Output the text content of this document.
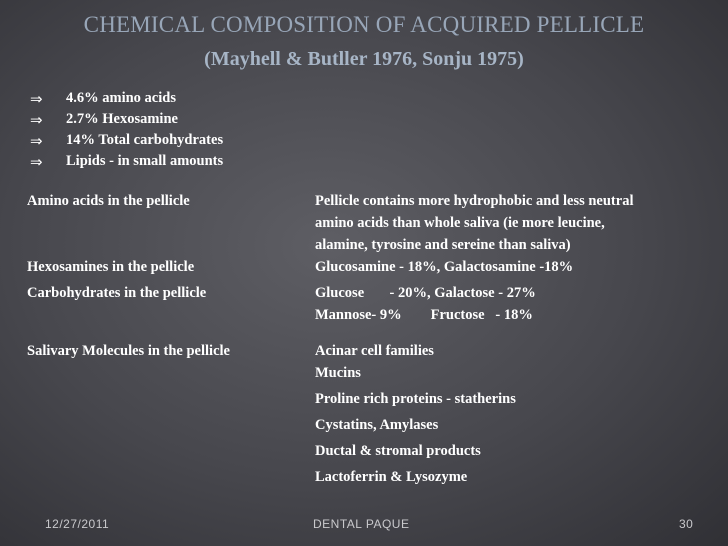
CHEMICAL COMPOSITION OF ACQUIRED PELLICLE
(Mayhell & Butller 1976, Sonju 1975)
⇒	4.6% amino acids
⇒	2.7% Hexosamine
⇒	14% Total carbohydrates
⇒	Lipids - in small amounts
Amino acids in the pellicle	Pellicle contains more hydrophobic and less neutral
amino acids than whole saliva (ie more leucine,
alamine, tyrosine and sereine than saliva)
Hexosamines in the pellicle	Glucosamine - 18%, Galactosamine -18%
Carbohydrates in the pellicle	Glucose       - 20%, Galactose - 27%
Mannose- 9%        Fructose   - 18%
Salivary Molecules in the pellicle	Acinar cell families
Mucins
Proline rich proteins - statherins
Cystatins, Amylases
Ductal & stromal products
Lactoferrin & Lysozyme
12/27/2011	DENTAL PAQUE	30
